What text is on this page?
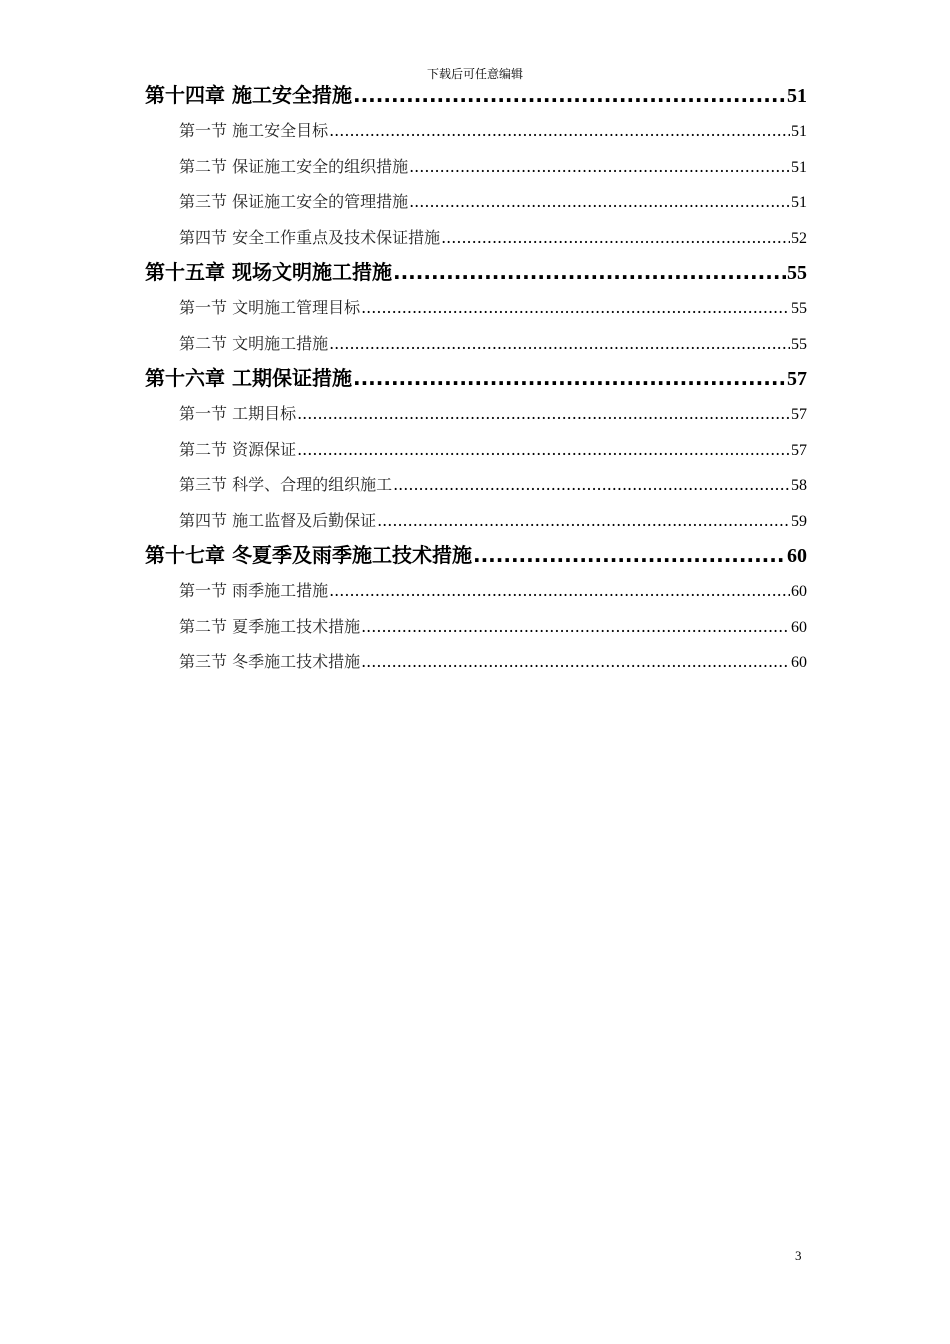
下载后可任意编辑
第十四章 施工安全措施 .....	51
第一节 施工安全目标 .....	51
第二节 保证施工安全的组织措施 .....	51
第三节 保证施工安全的管理措施 .....	51
第四节 安全工作重点及技术保证措施 .....	52
第十五章 现场文明施工措施 .....	55
第一节 文明施工管理目标 .....	55
第二节 文明施工措施 .....	55
第十六章 工期保证措施 .....	57
第一节 工期目标 .....	57
第二节 资源保证 .....	57
第三节 科学、合理的组织施工 .....	58
第四节 施工监督及后勤保证 .....	59
第十七章 冬夏季及雨季施工技术措施 .....	60
第一节 雨季施工措施 .....	60
第二节 夏季施工技术措施 .....	60
第三节 冬季施工技术措施 .....	60
3
